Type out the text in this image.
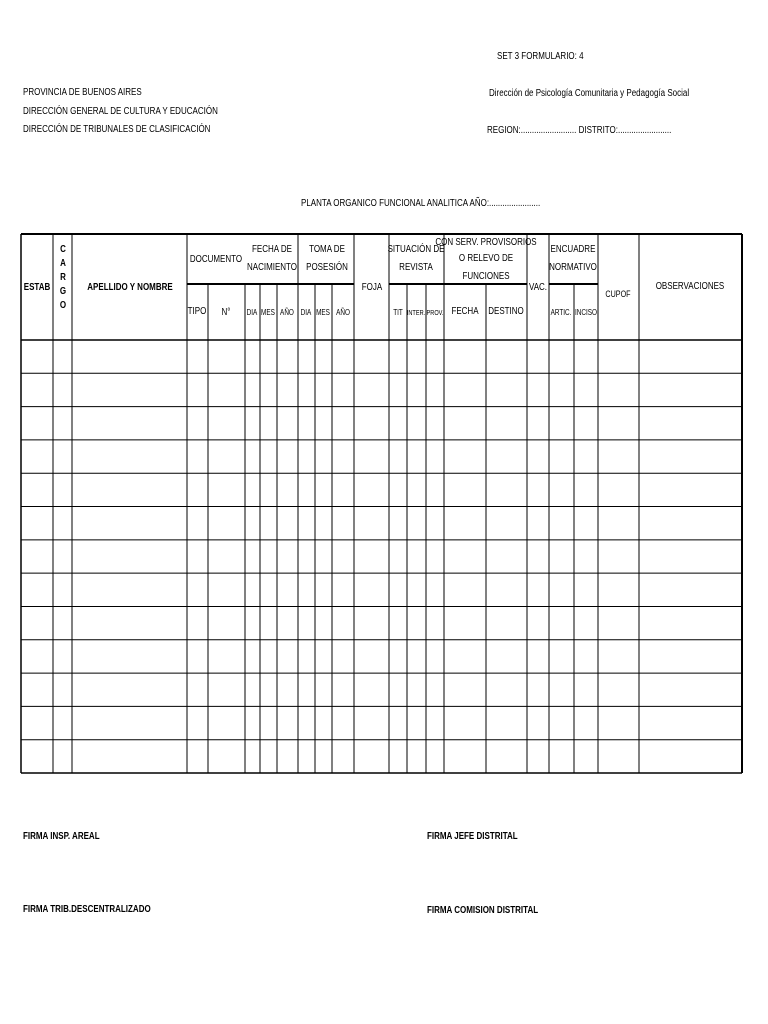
SET 3 FORMULARIO: 4
PROVINCIA DE BUENOS AIRES
DIRECCIÓN GENERAL DE CULTURA Y EDUCACIÓN
DIRECCIÓN DE TRIBUNALES DE CLASIFICACIÓN
Dirección de Psicología Comunitaria y Pedagogía Social
REGION:......................... DISTRITO:........................
PLANTA ORGANICO FUNCIONAL ANALITICA AÑO:.......................
ESTAB
C
A
R
G
O
APELLIDO Y NOMBRE
DOCUMENTO
FECHA DE
NACIMIENTO
TOMA DE
POSESIÓN
FOJA
SITUACIÓN DE
REVISTA
CON SERV. PROVISORIOS
O RELEVO DE
FUNCIONES
VAC.
ENCUADRE
NORMATIVO
CUPOF
OBSERVACIONES
TIPO N° DIA MES AÑO DIA MES AÑO	TIT INTER. PROV. FECHA DESTINO	ARTIC. INCISO
FIRMA INSP. AREAL	FIRMA JEFE DISTRITAL
FIRMA TRIB.DESCENTRALIZADO	FIRMA COMISION DISTRITAL
